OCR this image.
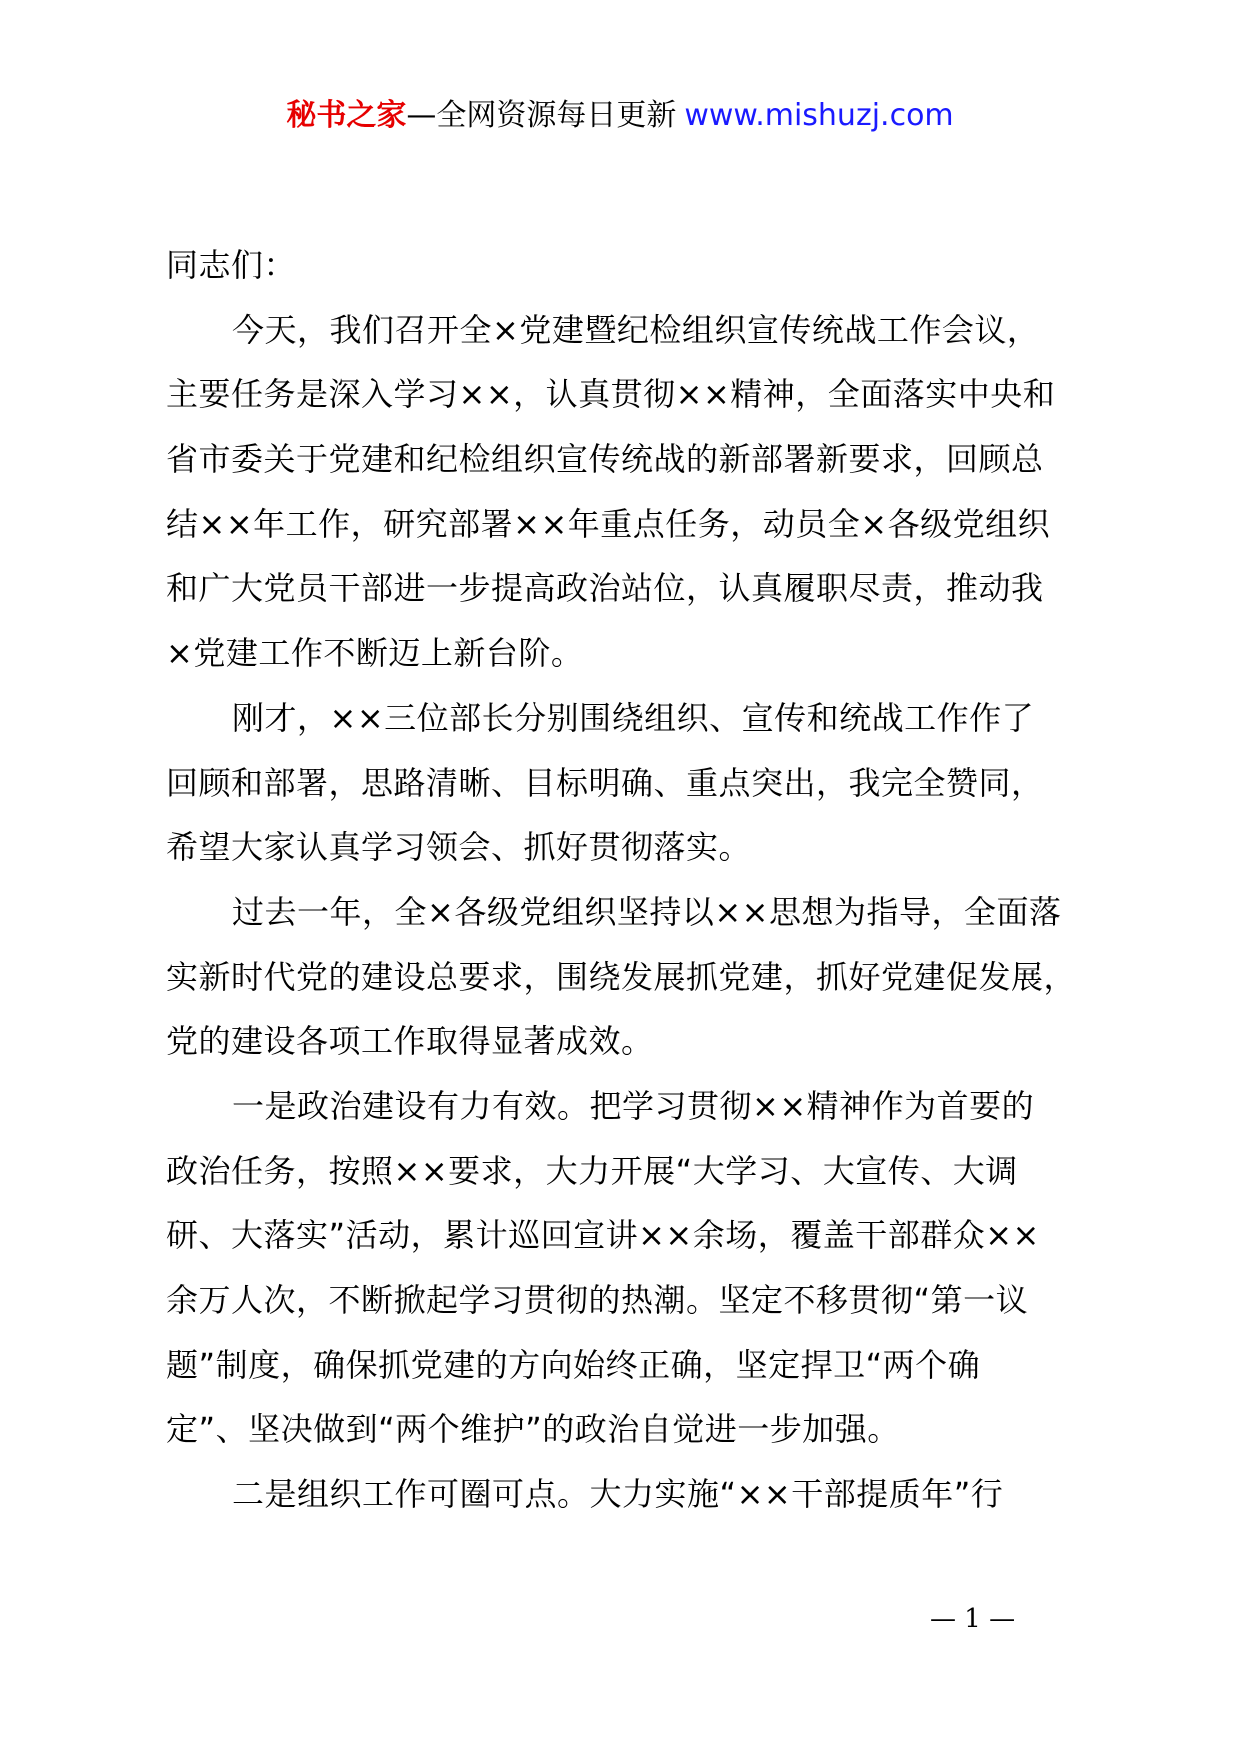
秘书之家—全网资源每日更新 www.mishuzj.com
同志们：
今天，我们召开全×党建暨纪检组织宣传统战工作会议，
主要任务是深入学习××，认真贯彻××精神，全面落实中央和
省市委关于党建和纪检组织宣传统战的新部署新要求，回顾总
结××年工作，研究部署××年重点任务，动员全×各级党组织
和广大党员干部进一步提高政治站位，认真履职尽责，推动我
×党建工作不断迈上新台阶。
刚才，××三位部长分别围绕组织、宣传和统战工作作了
回顾和部署，思路清晰、目标明确、重点突出，我完全赞同，
希望大家认真学习领会、抓好贯彻落实。
过去一年，全×各级党组织坚持以××思想为指导，全面落
实新时代党的建设总要求，围绕发展抓党建，抓好党建促发展，
党的建设各项工作取得显著成效。
一是政治建设有力有效。把学习贯彻××精神作为首要的
政治任务，按照××要求，大力开展“大学习、大宣传、大调
研、大落实”活动，累计巡回宣讲××余场，覆盖干部群众××
余万人次，不断掀起学习贯彻的热潮。坚定不移贯彻“第一议
题”制度，确保抓党建的方向始终正确，坚定捍卫“两个确
定”、坚决做到“两个维护”的政治自觉进一步加强。
二是组织工作可圈可点。大力实施“××干部提质年”行
— 1 —
